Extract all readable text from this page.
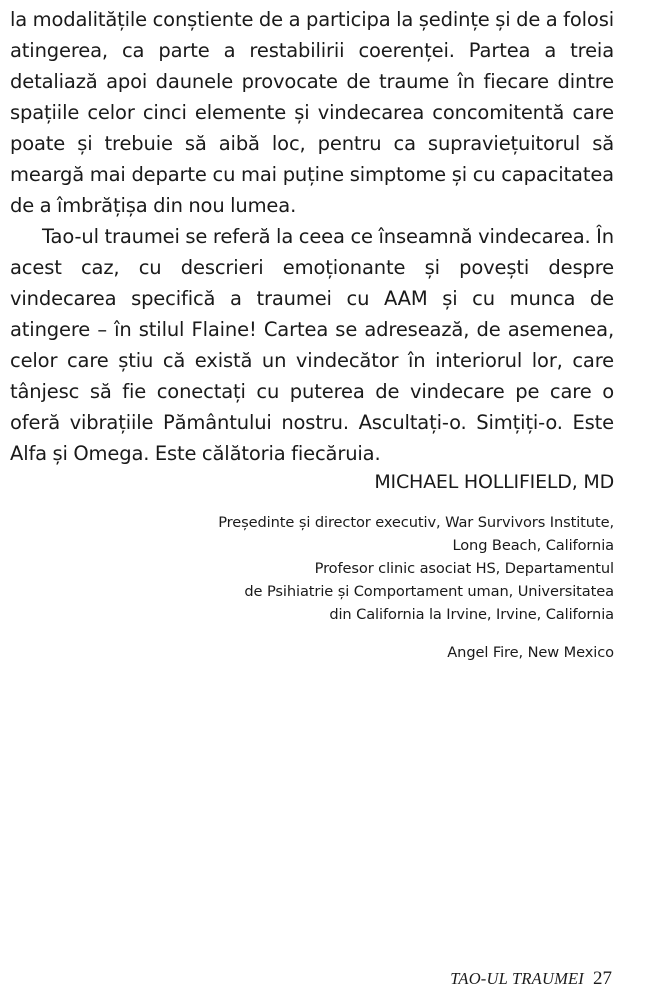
la modalitățile conștiente de a participa la ședințe și de a folosi atingerea, ca parte a restabilirii coerenței. Partea a treia detaliază apoi daunele provocate de traume în fiecare dintre spațiile celor cinci elemente și vindecarea concomitentă care poate și trebuie să aibă loc, pentru ca supraviețuitorul să meargă mai departe cu mai puține simptome și cu capacitatea de a îmbrățișa din nou lumea.

Tao-ul traumei se referă la ceea ce înseamnă vindecarea. În acest caz, cu descrieri emoționante și povești despre vindecarea specifică a traumei cu AAM și cu munca de atingere – în stilul Flaine! Cartea se adresează, de asemenea, celor care știu că există un vindecător în interiorul lor, care tânjesc să fie conectați cu puterea de vindecare pe care o oferă vibrațiile Pământului nostru. Ascultați-o. Simțiți-o. Este Alfa și Omega. Este călătoria fiecăruia.

MICHAEL HOLLIFIELD, MD
Președinte și director executiv, War Survivors Institute,
Long Beach, California
Profesor clinic asociat HS, Departamentul
de Psihiatrie și Comportament uman, Universitatea
din California la Irvine, Irvine, California
Angel Fire, New Mexico
TAO-UL TRAUMEI 27
